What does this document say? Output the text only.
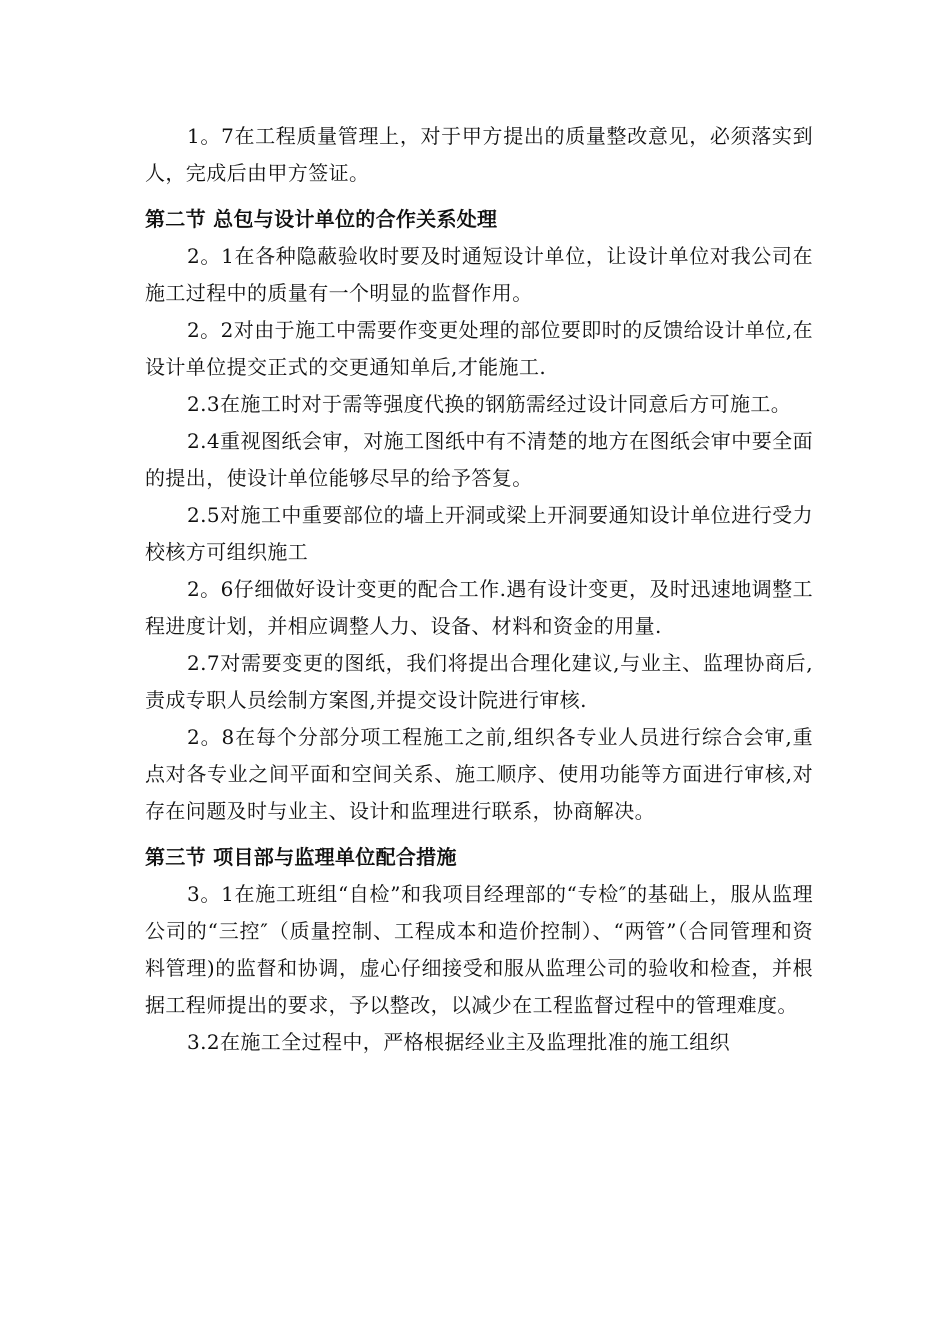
1。7在工程质量管理上，对于甲方提出的质量整改意见，必须落实到人，完成后由甲方签证。

第二节 总包与设计单位的合作关系处理

2。1在各种隐蔽验收时要及时通短设计单位，让设计单位对我公司在施工过程中的质量有一个明显的监督作用。

2。2对由于施工中需要作变更处理的部位要即时的反馈给设计单位,在设计单位提交正式的交更通知单后,才能施工.

2.3在施工时对于需等强度代换的钢筋需经过设计同意后方可施工。

2.4重视图纸会审，对施工图纸中有不清楚的地方在图纸会审中要全面的提出，使设计单位能够尽早的给予答复。

2.5对施工中重要部位的墙上开洞或梁上开洞要通知设计单位进行受力校核方可组织施工

2。6仔细做好设计变更的配合工作.遇有设计变更，及时迅速地调整工程进度计划，并相应调整人力、设备、材料和资金的用量.

2.7对需要变更的图纸，我们将提出合理化建议,与业主、监理协商后,责成专职人员绘制方案图,并提交设计院进行审核.

2。8在每个分部分项工程施工之前,组织各专业人员进行综合会审,重点对各专业之间平面和空间关系、施工顺序、使用功能等方面进行审核,对存在问题及时与业主、设计和监理进行联系，协商解决。

第三节 项目部与监理单位配合措施

3。1在施工班组“自检”和我项目经理部的“专检″的基础上，服从监理公司的“三控″（质量控制、工程成本和造价控制）、“两管”（合同管理和资料管理)的监督和协调，虚心仔细接受和服从监理公司的验收和检查，并根据工程师提出的要求，予以整改，以减少在工程监督过程中的管理难度。

3.2在施工全过程中，严格根据经业主及监理批准的施工组织
